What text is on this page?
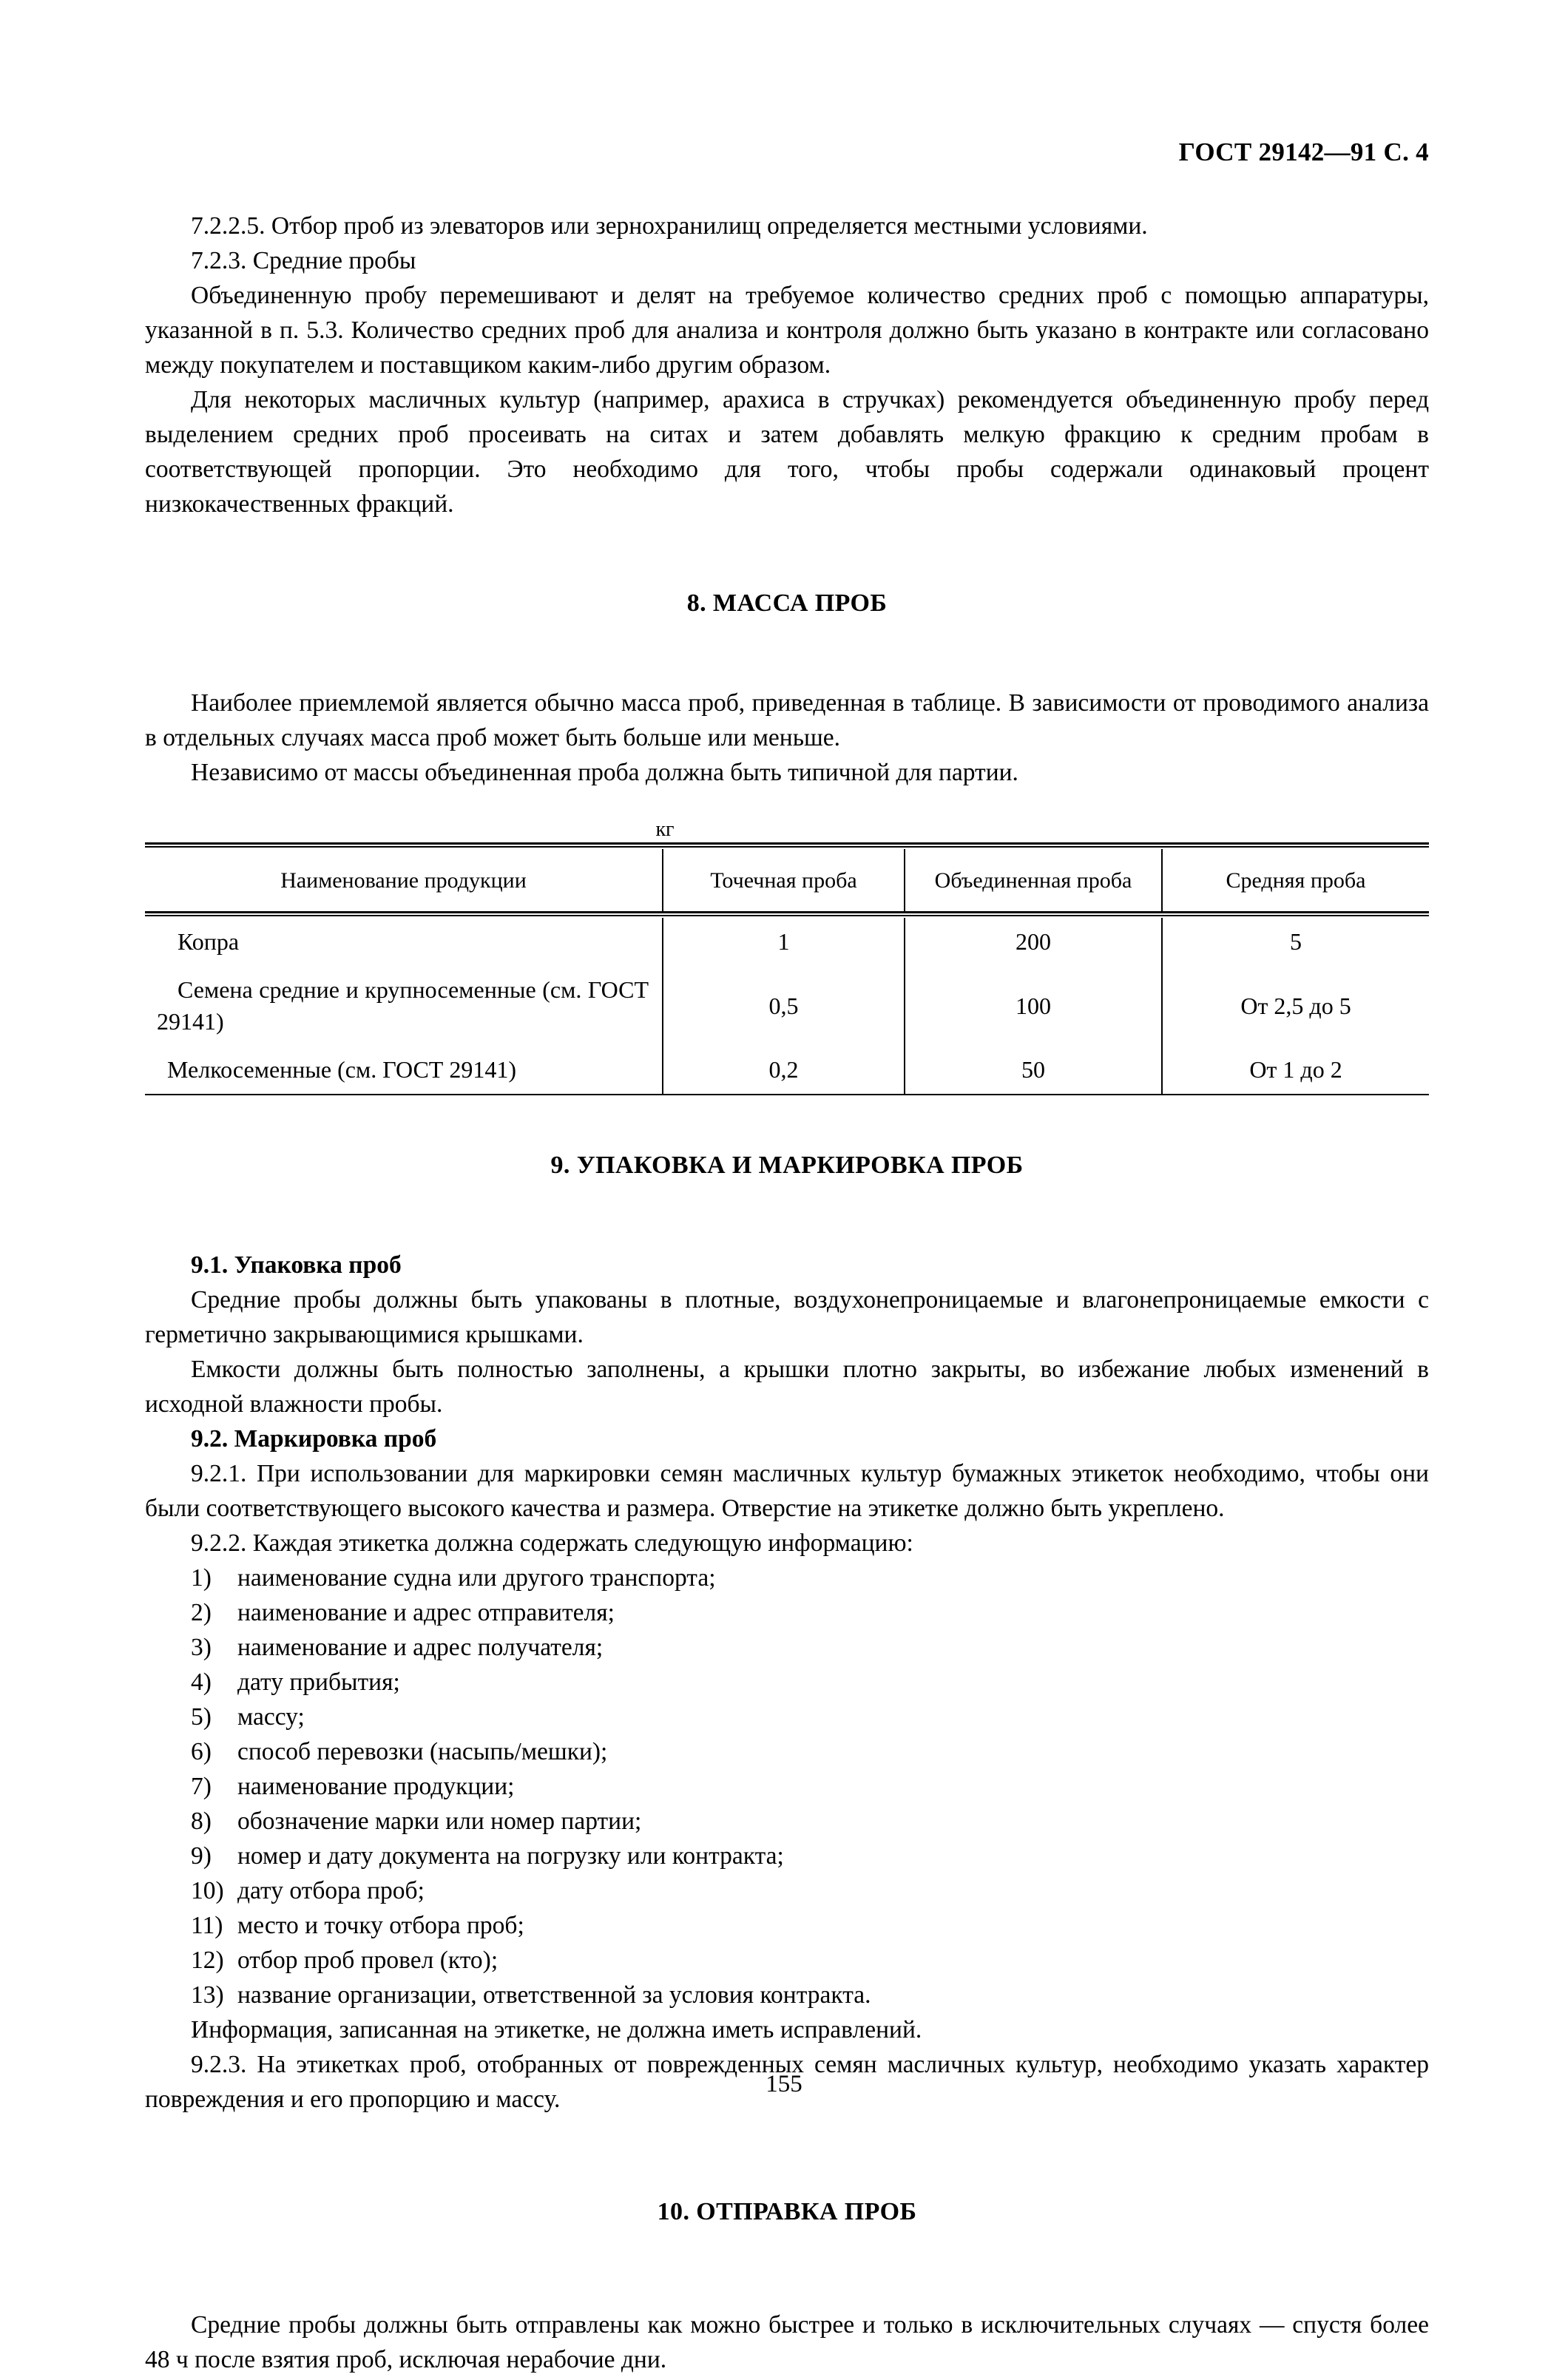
ГОСТ 29142—91 С. 4

7.2.2.5. Отбор проб из элеваторов или зернохранилищ определяется местными условиями.

7.2.3. Средние пробы

Объединенную пробу перемешивают и делят на требуемое количество средних проб с помощью аппаратуры, указанной в п. 5.3. Количество средних проб для анализа и контроля должно быть указано в контракте или согласовано между покупателем и поставщиком каким-либо другим образом.

Для некоторых масличных культур (например, арахиса в стручках) рекомендуется объединенную пробу перед выделением средних проб просеивать на ситах и затем добавлять мелкую фракцию к средним пробам в соответствующей пропорции. Это необходимо для того, чтобы пробы содержали одинаковый процент низкокачественных фракций.

8. МАССА ПРОБ

Наиболее приемлемой является обычно масса проб, приведенная в таблице. В зависимости от проводимого анализа в отдельных случаях масса проб может быть больше или меньше.

Независимо от массы объединенная проба должна быть типичной для партии.

кг

Наименование продукции	Точечная проба	Объединенная проба	Средняя проба
Копра	1	200	5
Семена средние и крупносеменные (см. ГОСТ 29141)	0,5	100	От 2,5 до 5
Мелкосеменные (см. ГОСТ 29141)	0,2	50	От 1 до 2
9. УПАКОВКА И МАРКИРОВКА ПРОБ

9.1. Упаковка проб

Средние пробы должны быть упакованы в плотные, воздухонепроницаемые и влагонепроницаемые емкости с герметично закрывающимися крышками.

Емкости должны быть полностью заполнены, а крышки плотно закрыты, во избежание любых изменений в исходной влажности пробы.

9.2. Маркировка проб

9.2.1. При использовании для маркировки семян масличных культур бумажных этикеток необходимо, чтобы они были соответствующего высокого качества и размера. Отверстие на этикетке должно быть укреплено.

9.2.2. Каждая этикетка должна содержать следующую информацию:

1)	наименование судна или другого транспорта;
2)	наименование и адрес отправителя;
3)	наименование и адрес получателя;
4)	дату прибытия;
5)	массу;
6)	способ перевозки (насыпь/мешки);
7)	наименование продукции;
8)	обозначение марки или номер партии;
9)	номер и дату документа на погрузку или контракта;
10) дату отбора проб;
11) место и точку отбора проб;
12) отбор проб провел (кто);
13) название организации, ответственной за условия контракта.

Информация, записанная на этикетке, не должна иметь исправлений.

9.2.3. На этикетках проб, отобранных от поврежденных семян масличных культур, необходимо указать характер повреждения и его пропорцию и массу.

10. ОТПРАВКА ПРОБ

Средние пробы должны быть отправлены как можно быстрее и только в исключительных случаях — спустя более 48 ч после взятия проб, исключая нерабочие дни.

155
